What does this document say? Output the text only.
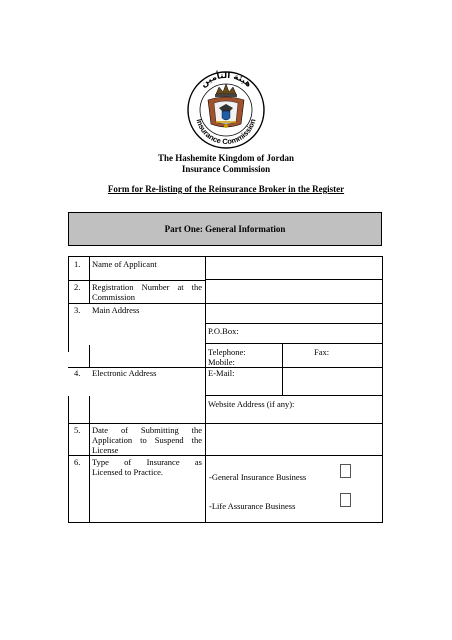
هيئة التأمين
Insurance Commission
The Hashemite Kingdom of Jordan
Insurance Commission
Form for Re-listing of the Reinsurance Broker in the Register
Part One: General Information
1. Name of Applicant
2. Registration Number at the
Commission
3. Main Address
P.O.Box:
Telephone:
Mobile:
Fax:
4. Electronic Address	E-Mail:
Website Address (if any):
5. Date of Submitting the
Application to Suspend the
License
6. Type of Insurance as
Licensed to Practice.	-General Insurance Business
-Life Assurance Business
